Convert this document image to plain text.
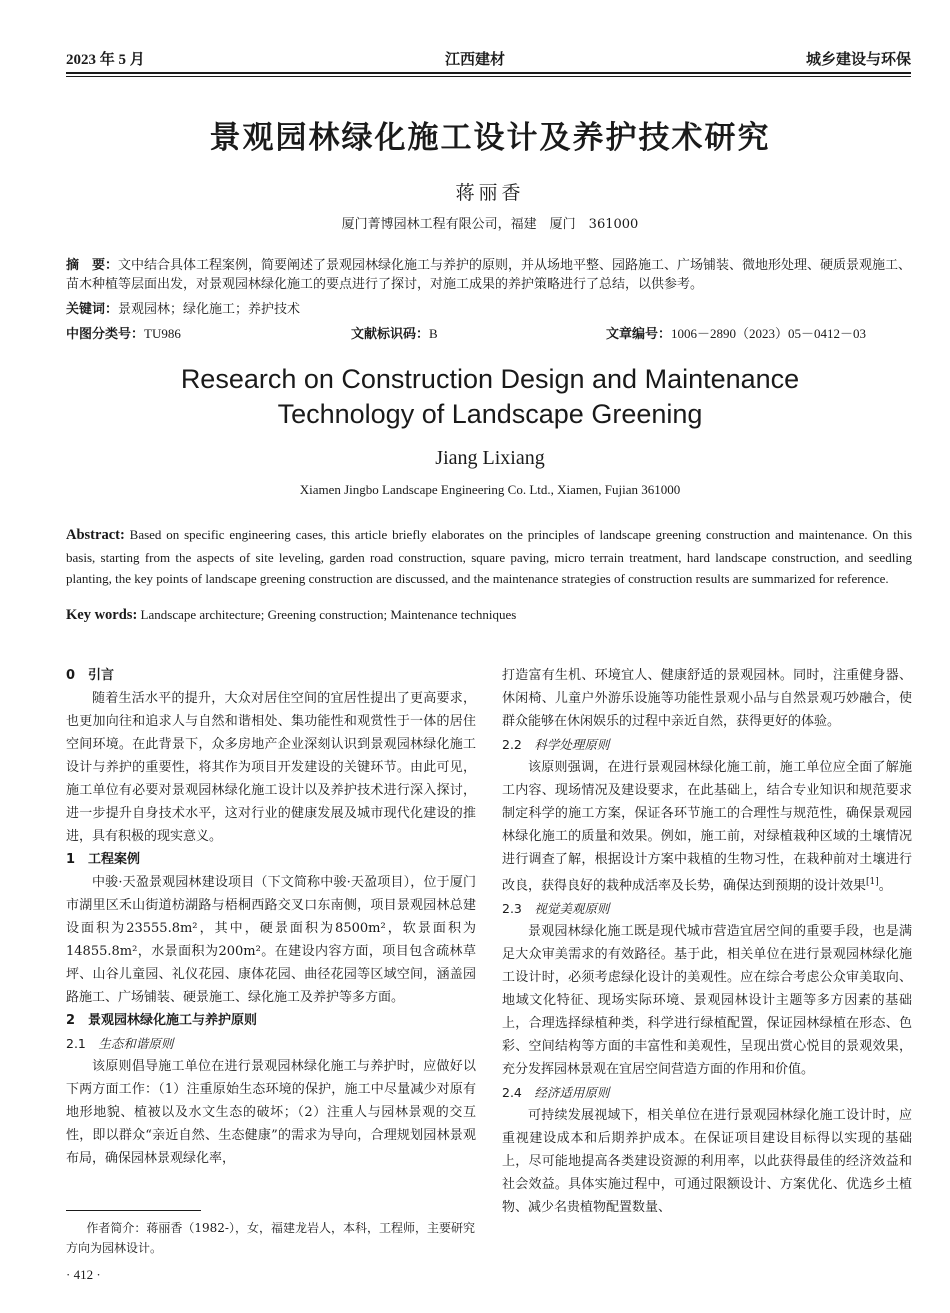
2023 年 5 月	江西建材	城乡建设与环保
景观园林绿化施工设计及养护技术研究
蒋丽香
厦门菁博园林工程有限公司，福建　厦门　361000
摘　要：文中结合具体工程案例，简要阐述了景观园林绿化施工与养护的原则，并从场地平整、园路施工、广场铺装、微地形处理、硬质景观施工、苗木种植等层面出发，对景观园林绿化施工的要点进行了探讨，对施工成果的养护策略进行了总结，以供参考。
关键词：景观园林；绿化施工；养护技术
中图分类号：TU986	文献标识码：B	文章编号：1006－2890（2023）05－0412－03
Research on Construction Design and Maintenance
Technology of Landscape Greening
Jiang Lixiang
Xiamen Jingbo Landscape Engineering Co. Ltd., Xiamen, Fujian 361000
Abstract: Based on specific engineering cases, this article briefly elaborates on the principles of landscape greening construction and maintenance. On this basis, starting from the aspects of site leveling, garden road construction, square paving, micro terrain treatment, hard landscape construction, and seedling planting, the key points of landscape greening construction are discussed, and the maintenance strategies of construction results are summarized for reference.
Key words: Landscape architecture; Greening construction; Maintenance techniques
0　引言

随着生活水平的提升，大众对居住空间的宜居性提出了更高要求，也更加向往和追求人与自然和谐相处、集功能性和观赏性于一体的居住空间环境。在此背景下，众多房地产企业深刻认识到景观园林绿化施工设计与养护的重要性，将其作为项目开发建设的关键环节。由此可见，施工单位有必要对景观园林绿化施工设计以及养护技术进行深入探讨，进一步提升自身技术水平，这对行业的健康发展及城市现代化建设的推进，具有积极的现实意义。

1　工程案例

中骏·天盈景观园林建设项目（下文简称中骏·天盈项目），位于厦门市湖里区禾山街道枋湖路与梧桐西路交叉口东南侧，项目景观园林总建设面积为23555.8m²，其中，硬景面积为8500m²，软景面积为14855.8m²，水景面积为200m²。在建设内容方面，项目包含疏林草坪、山谷儿童园、礼仪花园、康体花园、曲径花园等区域空间，涵盖园路施工、广场铺装、硬景施工、绿化施工及养护等多方面。

2　景观园林绿化施工与养护原则
2.1　 生态和谐原则

该原则倡导施工单位在进行景观园林绿化施工与养护时，应做好以下两方面工作：（1）注重原始生态环境的保护，施工中尽量减少对原有地形地貌、植被以及水文生态的破坏；（2）注重人与园林景观的交互性，即以群众“亲近自然、生态健康”的需求为导向，合理规划园林景观布局，确保园林景观绿化率，

打造富有生机、环境宜人、健康舒适的景观园林。同时，注重健身器、休闲椅、儿童户外游乐设施等功能性景观小品与自然景观巧妙融合，使群众能够在休闲娱乐的过程中亲近自然，获得更好的体验。

2.2　 科学处理原则

该原则强调，在进行景观园林绿化施工前，施工单位应全面了解施工内容、现场情况及建设要求，在此基础上，结合专业知识和规范要求制定科学的施工方案，保证各环节施工的合理性与规范性，确保景观园林绿化施工的质量和效果。例如，施工前，对绿植栽种区域的土壤情况进行调查了解，根据设计方案中栽植的生物习性，在栽种前对土壤进行改良，获得良好的栽种成活率及长势，确保达到预期的设计效果[1]。

2.3　 视觉美观原则

景观园林绿化施工既是现代城市营造宜居空间的重要手段，也是满足大众审美需求的有效路径。基于此，相关单位在进行景观园林绿化施工设计时，必须考虑绿化设计的美观性。应在综合考虑公众审美取向、地域文化特征、现场实际环境、景观园林设计主题等多方因素的基础上，合理选择绿植种类，科学进行绿植配置，保证园林绿植在形态、色彩、空间结构等方面的丰富性和美观性，呈现出赏心悦目的景观效果，充分发挥园林景观在宜居空间营造方面的作用和价值。

2.4　 经济适用原则

可持续发展视域下，相关单位在进行景观园林绿化施工设计时，应重视建设成本和后期养护成本。在保证项目建设目标得以实现的基础上，尽可能地提高各类建设资源的利用率，以此获得最佳的经济效益和社会效益。具体实施过程中，可通过限额设计、方案优化、优选乡土植物、减少名贵植物配置数量、

作者简介：蒋丽香（1982-），女，福建龙岩人，本科，工程师，主要研究方向为园林设计。
· 412 ·
